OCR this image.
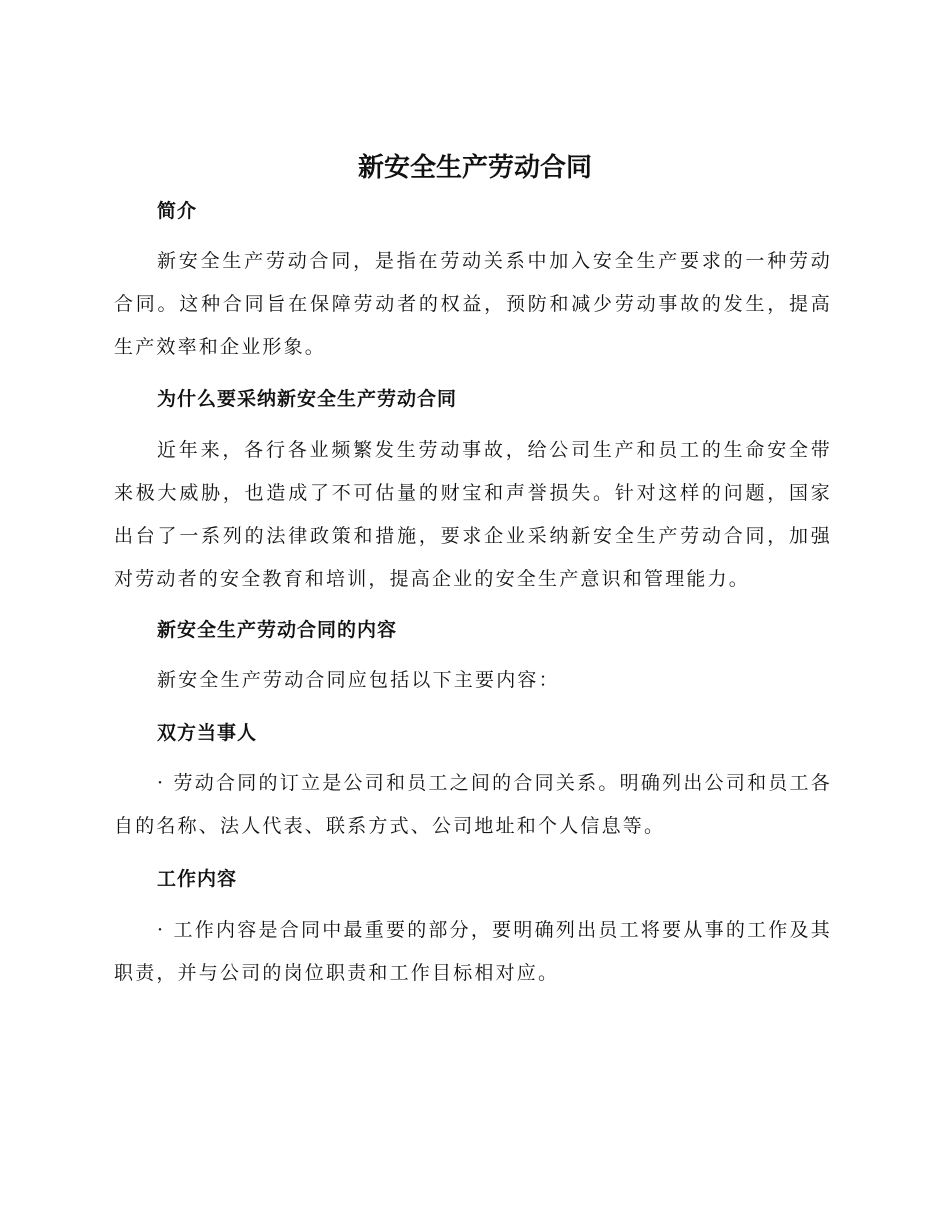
新安全生产劳动合同
简介
新安全生产劳动合同，是指在劳动关系中加入安全生产要求的一种劳动合同。这种合同旨在保障劳动者的权益，预防和减少劳动事故的发生，提高生产效率和企业形象。
为什么要采纳新安全生产劳动合同
近年来，各行各业频繁发生劳动事故，给公司生产和员工的生命安全带来极大威胁，也造成了不可估量的财宝和声誉损失。针对这样的问题，国家出台了一系列的法律政策和措施，要求企业采纳新安全生产劳动合同，加强对劳动者的安全教育和培训，提高企业的安全生产意识和管理能力。
新安全生产劳动合同的内容
新安全生产劳动合同应包括以下主要内容：
双方当事人
· 劳动合同的订立是公司和员工之间的合同关系。明确列出公司和员工各自的名称、法人代表、联系方式、公司地址和个人信息等。
工作内容
· 工作内容是合同中最重要的部分，要明确列出员工将要从事的工作及其职责，并与公司的岗位职责和工作目标相对应。
